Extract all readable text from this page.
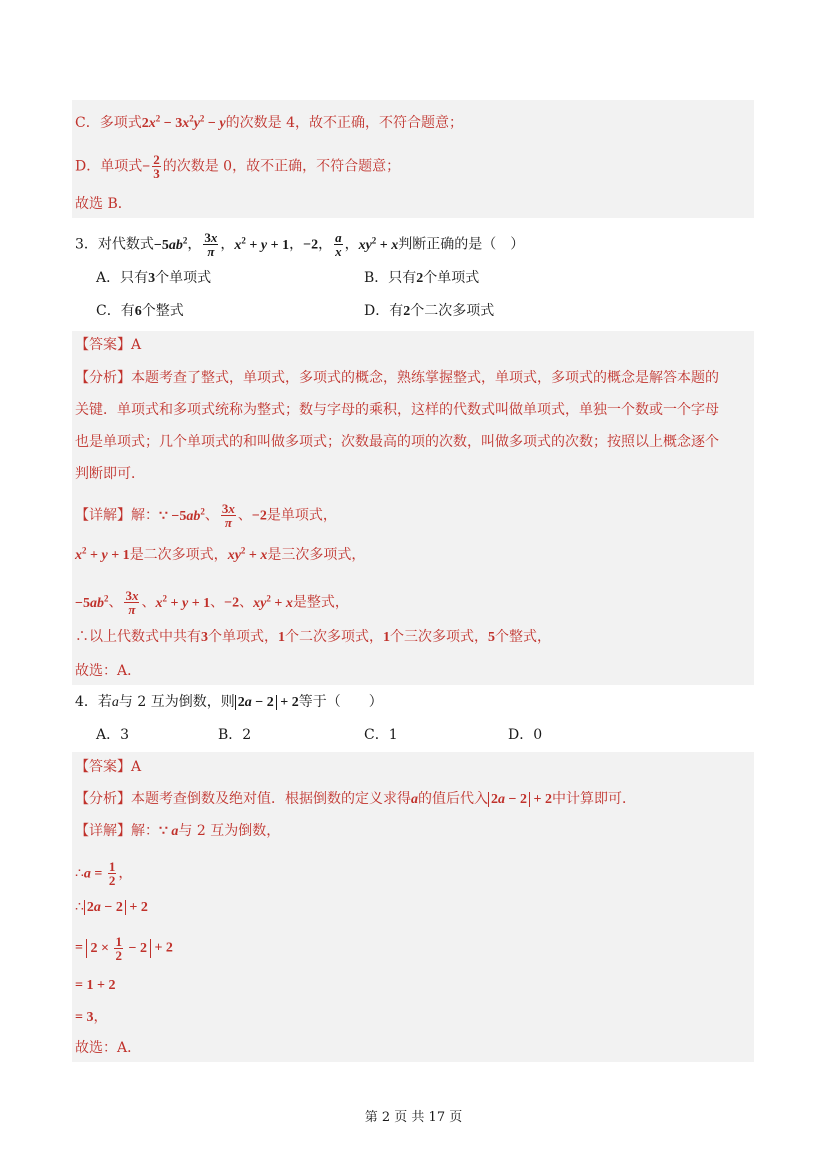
C．多项式$2x^2 - 3x^2y^2 - y$的次数是 4，故不正确，不符合题意；
D．单项式− $\frac{2}{3}$ 的次数是 0，故不正确，不符合题意；
故选 B．
3．对代数式$-5ab^2$， $\frac{3x}{\pi}$ ，$x^2 + y + 1$，−2， $\frac{a}{x}$ ，$xy^2 + x$判断正确的是（　）
A．只有3个单项式	B．只有2个单项式
C．有6个整式	D．有2个二次多项式
【答案】A
【分析】本题考查了整式，单项式，多项式的概念，熟练掌握整式，单项式，多项式的概念是解答本题的
关键．单项式和多项式统称为整式；数与字母的乘积，这样的代数式叫做单项式，单独一个数或一个字母
也是单项式；几个单项式的和叫做多项式；次数最高的项的次数，叫做多项式的次数；按照以上概念逐个
判断即可．
【详解】解：∵ $-5ab^2$、 $\frac{3x}{\pi}$ 、−2是单项式，
$x^2 + y + 1$是二次多项式，$xy^2 + x$是三次多项式，
$-5ab^2$、 $\frac{3x}{\pi}$ 、$x^2 + y + 1$、−2、$xy^2 + x$是整式，
∴以上代数式中共有3个单项式，1个二次多项式，1个三次多项式，5个整式，
故选：A．
4．若a与 2 互为倒数，则 2a − 2 + 2等于（　　）
A．3	B．2	C．1	D．0
【答案】A
【分析】本题考查倒数及绝对值．根据倒数的定义求得a的值后代入 2a − 2 + 2中计算即可．
【详解】解：∵ a与 2 互为倒数，
∴a = $\frac{1}{2}$ ，
∴ 2a − 2 + 2
= $2 \times \frac{1}{2} - 2 + 2$
= 1 + 2
= 3，
故选：A．
第 2 页 共 17 页
